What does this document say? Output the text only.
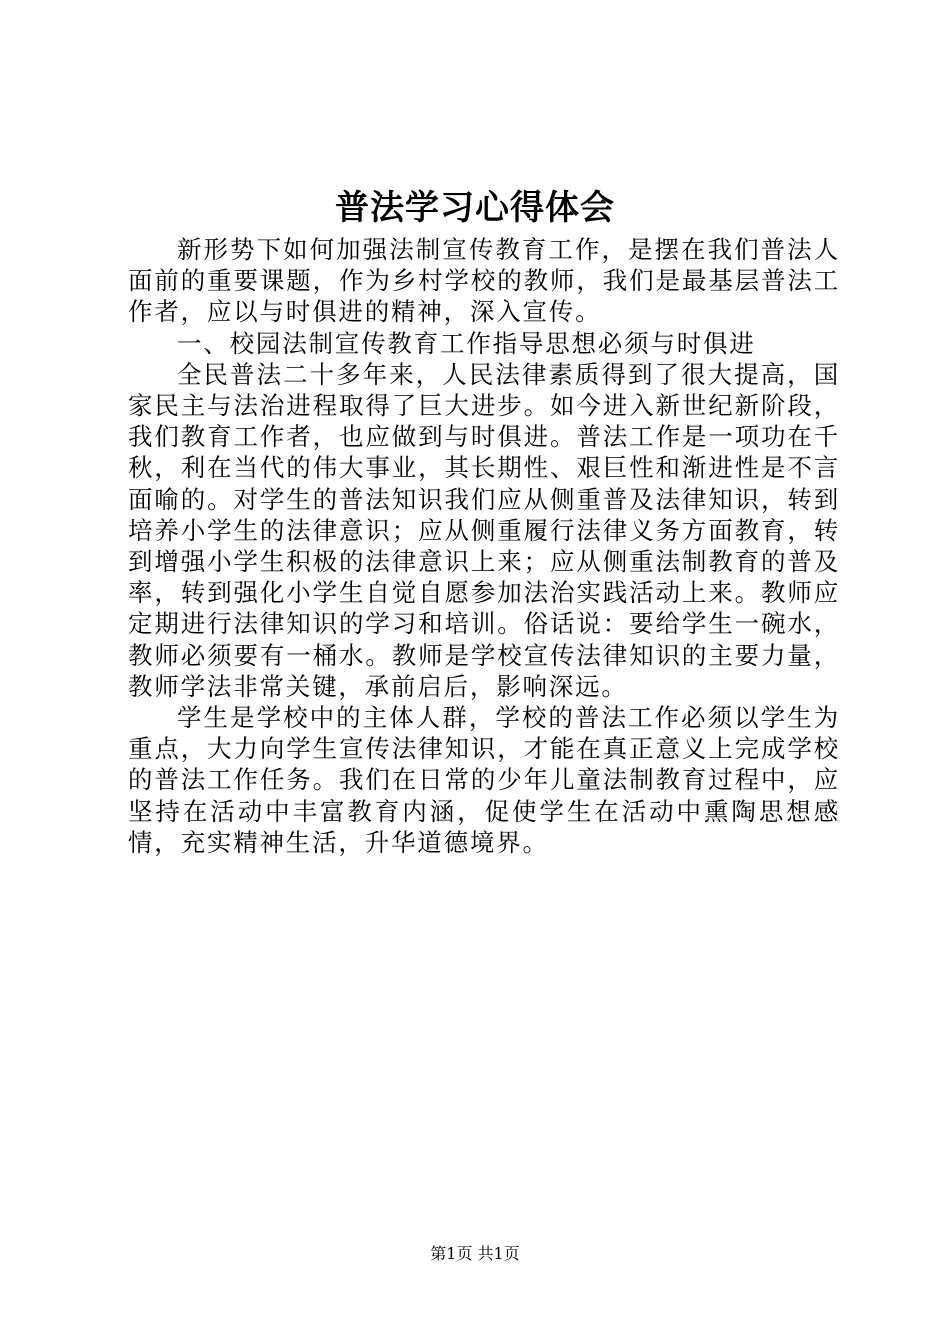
普法学习心得体会

新形势下如何加强法制宣传教育工作，是摆在我们普法人面前的重要课题，作为乡村学校的教师，我们是最基层普法工作者，应以与时俱进的精神，深入宣传。

一、校园法制宣传教育工作指导思想必须与时俱进

全民普法二十多年来，人民法律素质得到了很大提高，国家民主与法治进程取得了巨大进步。如今进入新世纪新阶段，我们教育工作者，也应做到与时俱进。普法工作是一项功在千秋，利在当代的伟大事业，其长期性、艰巨性和渐进性是不言面喻的。对学生的普法知识我们应从侧重普及法律知识，转到培养小学生的法律意识；应从侧重履行法律义务方面教育，转到增强小学生积极的法律意识上来；应从侧重法制教育的普及率，转到强化小学生自觉自愿参加法治实践活动上来。教师应定期进行法律知识的学习和培训。俗话说：要给学生一碗水，教师必须要有一桶水。教师是学校宣传法律知识的主要力量，教师学法非常关键，承前启后，影响深远。

学生是学校中的主体人群，学校的普法工作必须以学生为重点，大力向学生宣传法律知识，才能在真正意义上完成学校的普法工作任务。我们在日常的少年儿童法制教育过程中，应坚持在活动中丰富教育内涵，促使学生在活动中熏陶思想感情，充实精神生活，升华道德境界。

第1页 共1页
